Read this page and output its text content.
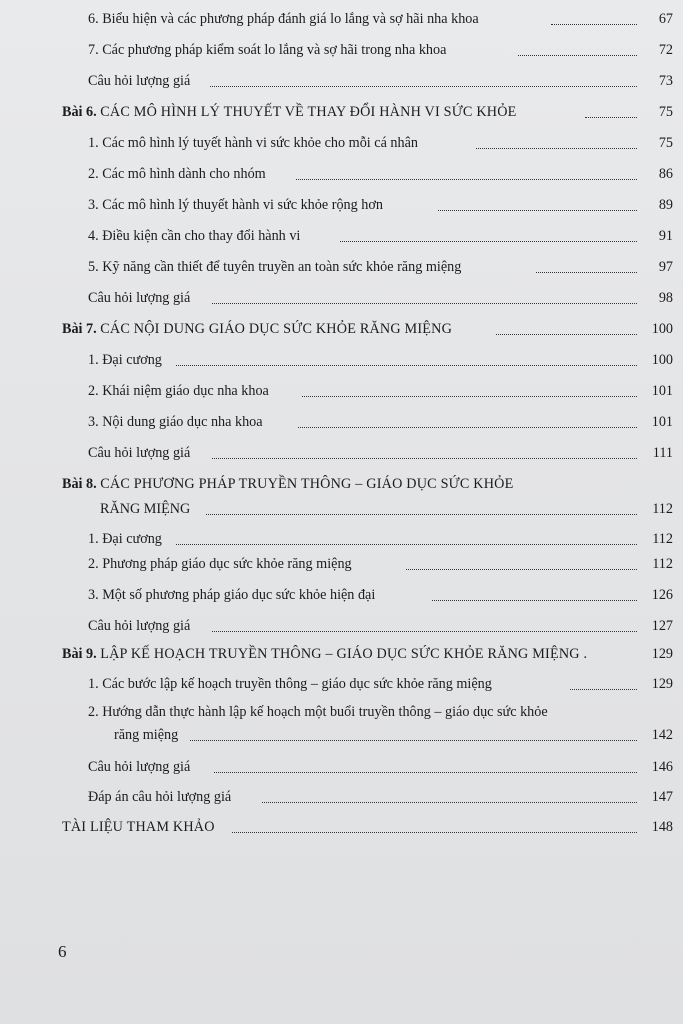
6. Biểu hiện và các phương pháp đánh giá lo lắng và sợ hãi nha khoa	67
7. Các phương pháp kiểm soát lo lắng và sợ hãi trong nha khoa	72
Câu hỏi lượng giá	73
Bài 6. CÁC MÔ HÌNH LÝ THUYẾT VỀ THAY ĐỔI HÀNH VI SỨC KHỎE	75
1. Các mô hình lý tuyết hành vi sức khỏe cho mỗi cá nhân	75
2. Các mô hình dành cho nhóm	86
3. Các mô hình lý thuyết hành vi sức khỏe rộng hơn	89
4. Điều kiện cần cho thay đổi hành vi	91
5. Kỹ năng cần thiết để tuyên truyền an toàn sức khỏe răng miệng	97
Câu hỏi lượng giá	98
Bài 7. CÁC NỘI DUNG GIÁO DỤC SỨC KHỎE RĂNG MIỆNG	100
1. Đại cương	100
2. Khái niệm giáo dục nha khoa	101
3. Nội dung giáo dục nha khoa	101
Câu hỏi lượng giá	111
Bài 8. CÁC PHƯƠNG PHÁP TRUYỀN THÔNG – GIÁO DỤC SỨC KHỎE
RĂNG MIỆNG	112
1. Đại cương	112
2. Phương pháp giáo dục sức khỏe răng miệng	112
3. Một số phương pháp giáo dục sức khỏe hiện đại	126
Câu hỏi lượng giá	127
Bài 9. LẬP KẾ HOẠCH TRUYỀN THÔNG – GIÁO DỤC SỨC KHỎE RĂNG MIỆNG .	129
1. Các bước lập kế hoạch truyền thông – giáo dục sức khỏe răng miệng	129
2. Hướng dẫn thực hành lập kế hoạch một buổi truyền thông – giáo dục sức khỏe
răng miệng	142
Câu hỏi lượng giá	146
Đáp án câu hỏi lượng giá	147
TÀI LIỆU THAM KHẢO	148
6
